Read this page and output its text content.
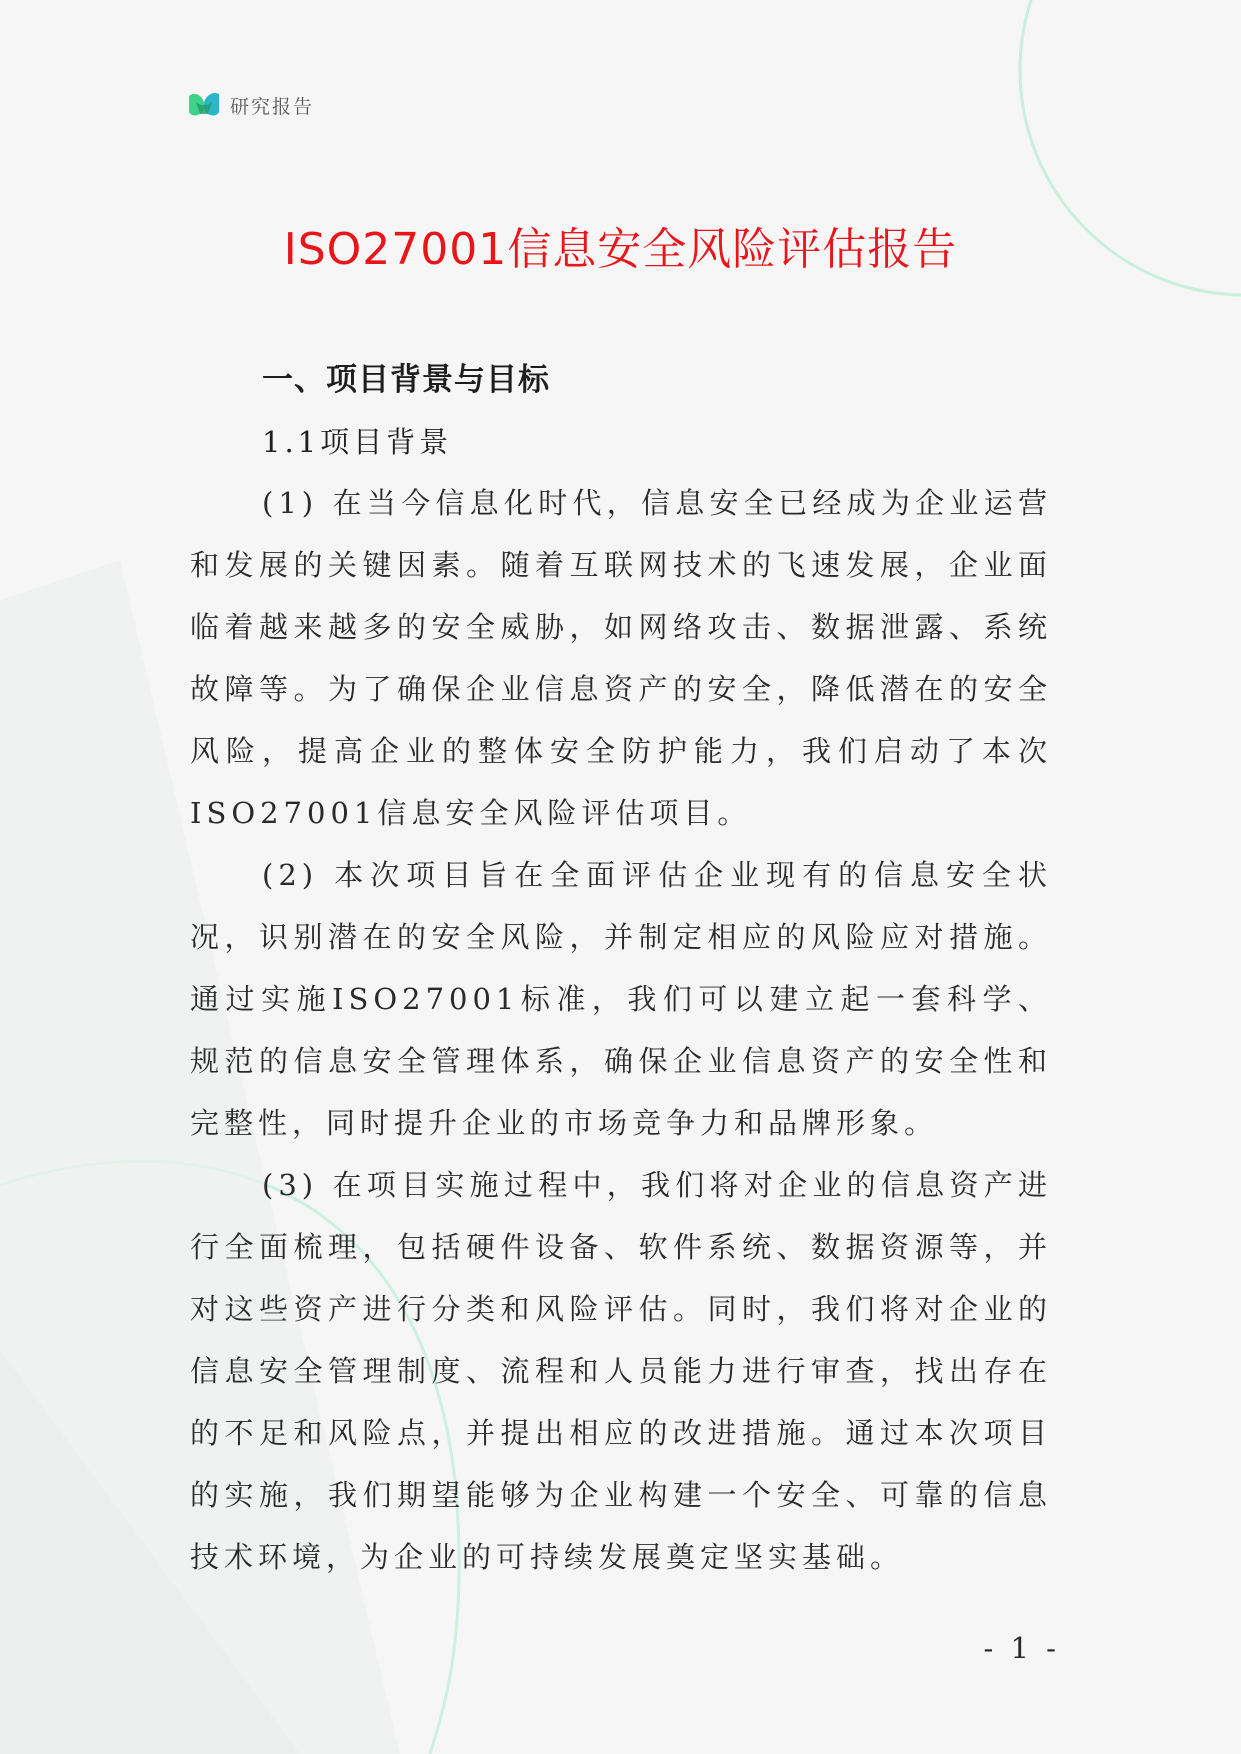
研究报告
ISO27001信息安全风险评估报告
一、项目背景与目标
1.1项目背景

(1) 在当今信息化时代，信息安全已经成为企业运营和发展的关键因素。随着互联网技术的飞速发展，企业面临着越来越多的安全威胁，如网络攻击、数据泄露、系统故障等。为了确保企业信息资产的安全，降低潜在的安全风险，提高企业的整体安全防护能力，我们启动了本次ISO27001信息安全风险评估项目。

(2) 本次项目旨在全面评估企业现有的信息安全状况，识别潜在的安全风险，并制定相应的风险应对措施。通过实施ISO27001标准，我们可以建立起一套科学、规范的信息安全管理体系，确保企业信息资产的安全性和完整性，同时提升企业的市场竞争力和品牌形象。

(3) 在项目实施过程中，我们将对企业的信息资产进行全面梳理，包括硬件设备、软件系统、数据资源等，并对这些资产进行分类和风险评估。同时，我们将对企业的信息安全管理制度、流程和人员能力进行审查，找出存在的不足和风险点，并提出相应的改进措施。通过本次项目的实施，我们期望能够为企业构建一个安全、可靠的信息技术环境，为企业的可持续发展奠定坚实基础。

- 1 -
